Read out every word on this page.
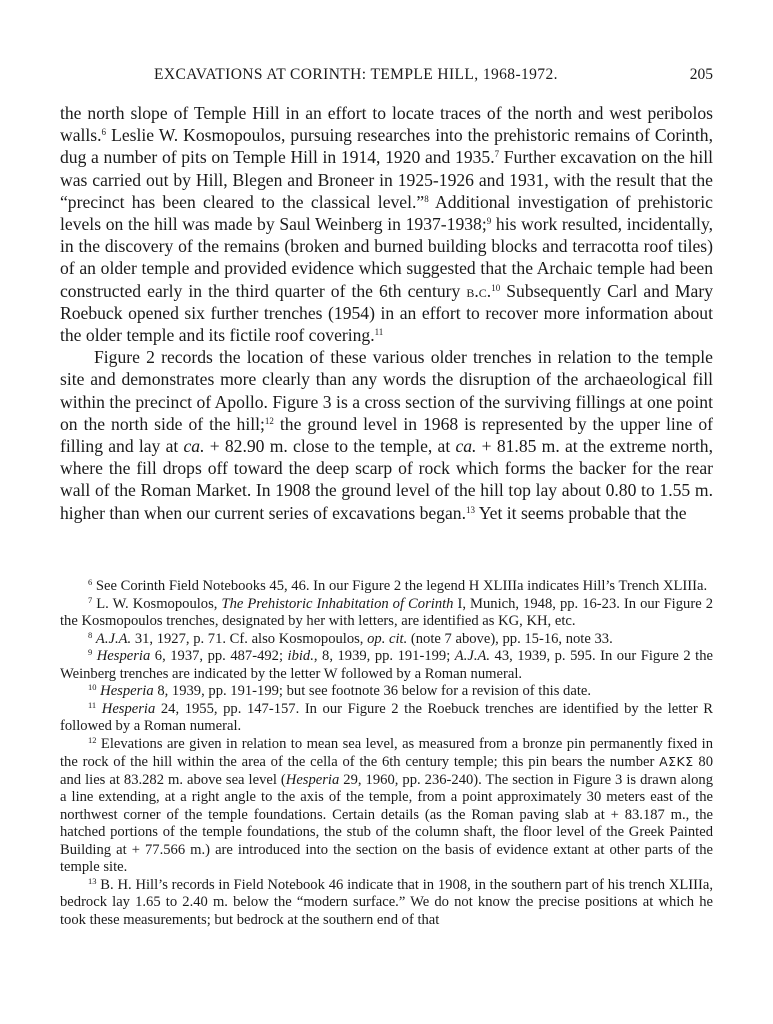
EXCAVATIONS AT CORINTH: TEMPLE HILL, 1968-1972.	205

the north slope of Temple Hill in an effort to locate traces of the north and west peribolos walls.$^6$ Leslie W. Kosmopoulos, pursuing researches into the prehistoric remains of Corinth, dug a number of pits on Temple Hill in 1914, 1920 and 1935.$^7$ Further excavation on the hill was carried out by Hill, Blegen and Broneer in 1925-1926 and 1931, with the result that the “precinct has been cleared to the classical level.”$^8$ Additional investigation of prehistoric levels on the hill was made by Saul Weinberg in 1937-1938;$^9$ his work resulted, incidentally, in the discovery of the remains (broken and burned building blocks and terracotta roof tiles) of an older temple and provided evidence which suggested that the Archaic temple had been constructed early in the third quarter of the 6th century b.c.$^{10}$ Subsequently Carl and Mary Roebuck opened six further trenches (1954) in an effort to recover more information about the older temple and its fictile roof covering.$^{11}$

Figure 2 records the location of these various older trenches in relation to the temple site and demonstrates more clearly than any words the disruption of the archaeological fill within the precinct of Apollo. Figure 3 is a cross section of the surviving fillings at one point on the north side of the hill;$^{12}$ the ground level in 1968 is represented by the upper line of filling and lay at ca. + 82.90 m. close to the temple, at ca. + 81.85 m. at the extreme north, where the fill drops off toward the deep scarp of rock which forms the backer for the rear wall of the Roman Market. In 1908 the ground level of the hill top lay about 0.80 to 1.55 m. higher than when our current series of excavations began.$^{13}$ Yet it seems probable that the

$^6$ See Corinth Field Notebooks 45, 46. In our Figure 2 the legend H XLIIIa indicates Hill’s Trench XLIIIa.

$^7$ L. W. Kosmopoulos, The Prehistoric Inhabitation of Corinth I, Munich, 1948, pp. 16-23. In our Figure 2 the Kosmopoulos trenches, designated by her with letters, are identified as KG, KH, etc.

$^8$ A.J.A. 31, 1927, p. 71. Cf. also Kosmopoulos, op. cit. (note 7 above), pp. 15-16, note 33.

$^9$ Hesperia 6, 1937, pp. 487-492; ibid., 8, 1939, pp. 191-199; A.J.A. 43, 1939, p. 595. In our Figure 2 the Weinberg trenches are indicated by the letter W followed by a Roman numeral.

$^{10}$ Hesperia 8, 1939, pp. 191-199; but see footnote 36 below for a revision of this date.

$^{11}$ Hesperia 24, 1955, pp. 147-157. In our Figure 2 the Roebuck trenches are identified by the letter R followed by a Roman numeral.

$^{12}$ Elevations are given in relation to mean sea level, as measured from a bronze pin permanently fixed in the rock of the hill within the area of the cella of the 6th century temple; this pin bears the number ΑΣΚΣ 80 and lies at 83.282 m. above sea level (Hesperia 29, 1960, pp. 236-240). The section in Figure 3 is drawn along a line extending, at a right angle to the axis of the temple, from a point approximately 30 meters east of the northwest corner of the temple foundations. Certain details (as the Roman paving slab at + 83.187 m., the hatched portions of the temple foundations, the stub of the column shaft, the floor level of the Greek Painted Building at + 77.566 m.) are introduced into the section on the basis of evidence extant at other parts of the temple site.

$^{13}$ B. H. Hill’s records in Field Notebook 46 indicate that in 1908, in the southern part of his trench XLIIIa, bedrock lay 1.65 to 2.40 m. below the “modern surface.” We do not know the precise positions at which he took these measurements; but bedrock at the southern end of that
